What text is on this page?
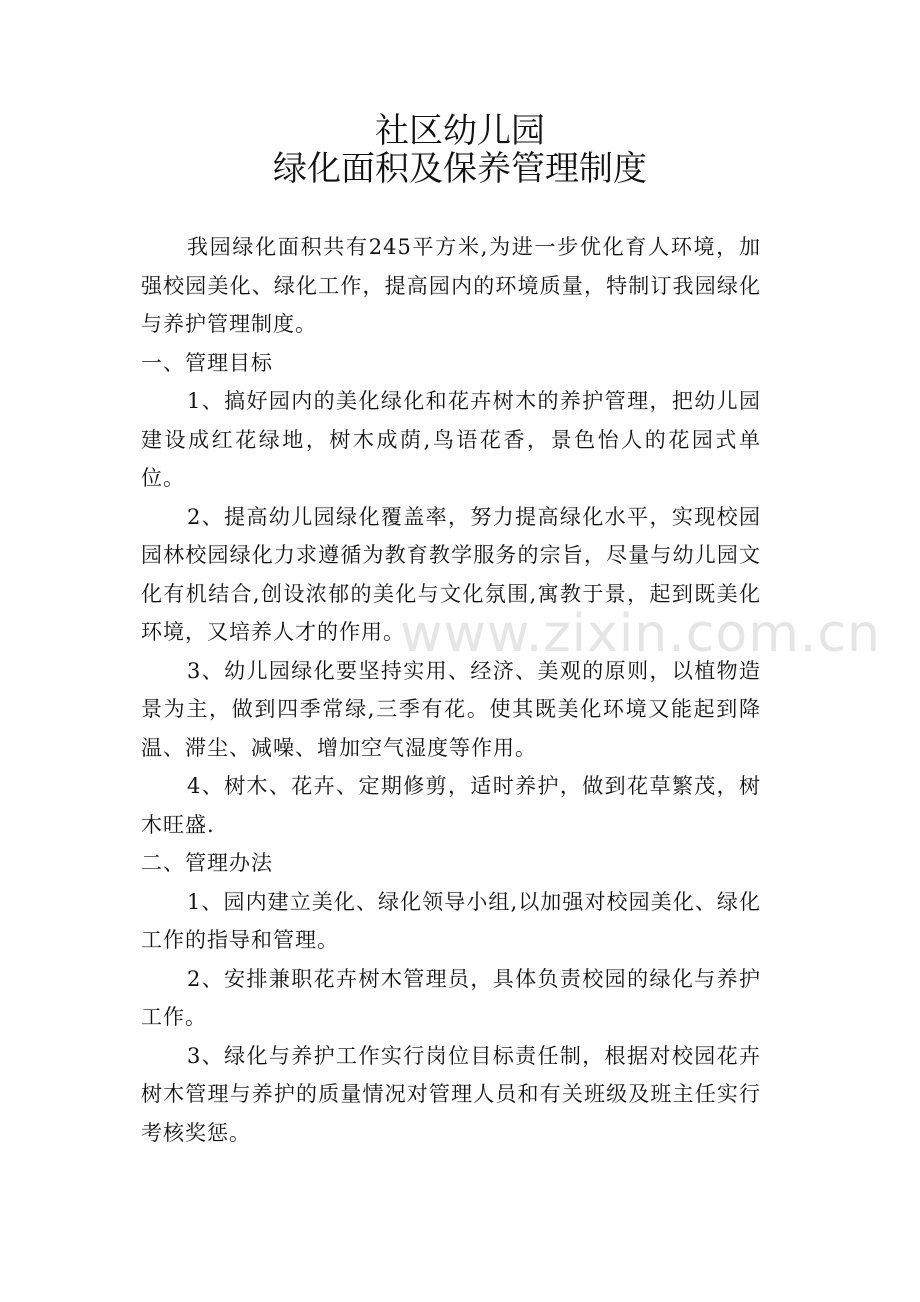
社区幼儿园
绿化面积及保养管理制度

我园绿化面积共有245平方米,为进一步优化育人环境，加强校园美化、绿化工作，提高园内的环境质量，特制订我园绿化与养护管理制度。

一、管理目标

1、搞好园内的美化绿化和花卉树木的养护管理，把幼儿园建设成红花绿地，树木成荫,鸟语花香，景色怡人的花园式单位。

2、提高幼儿园绿化覆盖率，努力提高绿化水平，实现校园园林校园绿化力求遵循为教育教学服务的宗旨，尽量与幼儿园文化有机结合,创设浓郁的美化与文化氛围,寓教于景，起到既美化环境，又培养人才的作用。

3、幼儿园绿化要坚持实用、经济、美观的原则，以植物造景为主，做到四季常绿,三季有花。使其既美化环境又能起到降温、滞尘、减噪、增加空气湿度等作用。

4、树木、花卉、定期修剪，适时养护，做到花草繁茂，树木旺盛.

二、管理办法

1、园内建立美化、绿化领导小组,以加强对校园美化、绿化工作的指导和管理。

2、安排兼职花卉树木管理员，具体负责校园的绿化与养护工作。

3、绿化与养护工作实行岗位目标责任制，根据对校园花卉树木管理与养护的质量情况对管理人员和有关班级及班主任实行考核奖惩。

www.zixin.com.cn
